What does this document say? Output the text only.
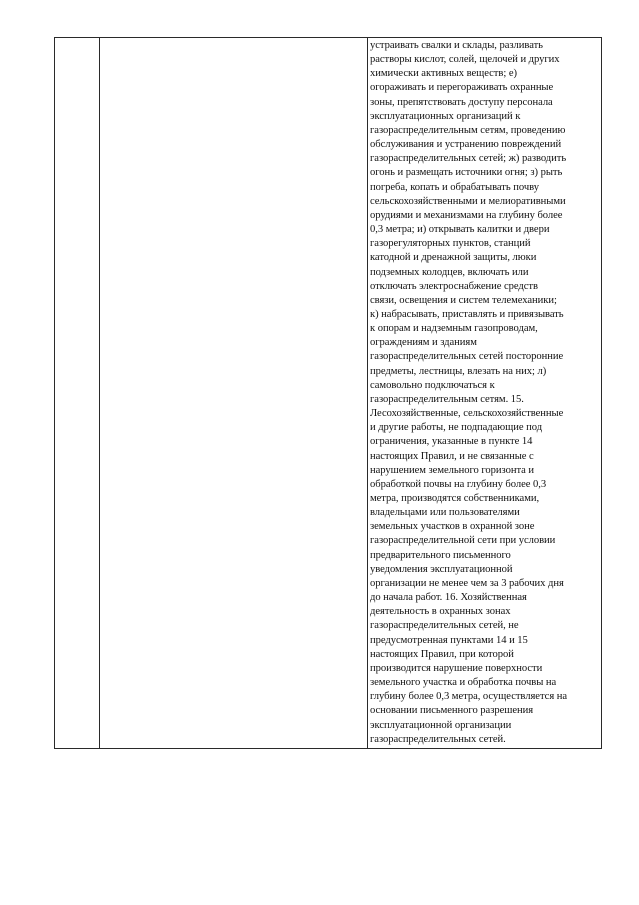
устраивать свалки и склады, разливать
растворы кислот, солей, щелочей и других
химически активных веществ; е)
огораживать и перегораживать охранные
зоны, препятствовать доступу персонала
эксплуатационных организаций к
газораспределительным сетям, проведению
обслуживания и устранению повреждений
газораспределительных сетей; ж) разводить
огонь и размещать источники огня; з) рыть
погреба, копать и обрабатывать почву
сельскохозяйственными и мелиоративными
орудиями и механизмами на глубину более
0,3 метра; и) открывать калитки и двери
газорегуляторных пунктов, станций
катодной и дренажной защиты, люки
подземных колодцев, включать или
отключать электроснабжение средств
связи, освещения и систем телемеханики;
к) набрасывать, приставлять и привязывать
к опорам и надземным газопроводам,
ограждениям и зданиям
газораспределительных сетей посторонние
предметы, лестницы, влезать на них; л)
самовольно подключаться к
газораспределительным сетям. 15.
Лесохозяйственные, сельскохозяйственные
и другие работы, не подпадающие под
ограничения, указанные в пункте 14
настоящих Правил, и не связанные с
нарушением земельного горизонта и
обработкой почвы на глубину более 0,3
метра, производятся собственниками,
владельцами или пользователями
земельных участков в охранной зоне
газораспределительной сети при условии
предварительного письменного
уведомления эксплуатационной
организации не менее чем за 3 рабочих дня
до начала работ. 16. Хозяйственная
деятельность в охранных зонах
газораспределительных сетей, не
предусмотренная пунктами 14 и 15
настоящих Правил, при которой
производится нарушение поверхности
земельного участка и обработка почвы на
глубину более 0,3 метра, осуществляется на
основании письменного разрешения
эксплуатационной организации
газораспределительных сетей.
